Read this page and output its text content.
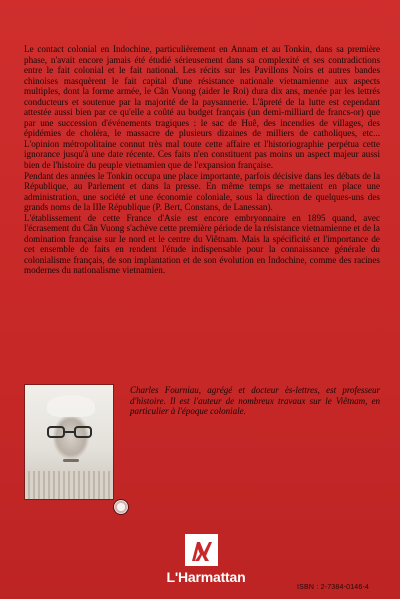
Le contact colonial en Indochine, particulièrement en Annam et au Tonkin, dans sa première phase, n'avait encore jamais été étudié sérieusement dans sa complexité et ses contradictions entre le fait colonial et le fait national. Les récits sur les Pavillons Noirs et autres bandes chinoises masquèrent le fait capital d'une résistance nationale vietnamienne aux aspects multiples, dont la forme armée, le Cân Vuong (aider le Roi) dura dix ans, menée par les lettrés conducteurs et soutenue par la majorité de la paysannerie. L'âpreté de la lutte est cependant attestée aussi bien par ce qu'elle a coûté au budget français (un demi-milliard de francs-or) que par une succession d'événements tragiques : le sac de Huê, des incendies de villages, des épidémies de choléra, le massacre de plusieurs dizaines de milliers de catholiques, etc... L'opinion métropolitaine connut très mal toute cette affaire et l'historiographie perpétua cette ignorance jusqu'à une date récente. Ces faits n'en constituent pas moins un aspect majeur aussi bien de l'histoire du peuple vietnamien que de l'expansion française.

Pendant des années le Tonkin occupa une place importante, parfois décisive dans les débats de la République, au Parlement et dans la presse. En même temps se mettaient en place une administration, une société et une économie coloniale, sous la direction de quelques-uns des grands noms de la IIIe République (P. Bert, Constans, de Lanessan).

L'établissement de cette France d'Asie est encore embryonnaire en 1895 quand, avec l'écrasement du Cân Vuong s'achève cette première période de la résistance vietnamienne et de la domination française sur le nord et le centre du Viêtnam. Mais la spécificité et l'importance de cet ensemble de faits en rendent l'étude indispensable pour la connaissance générale du colonialisme français, de son implantation et de son évolution en Indochine, comme des racines modernes du nationalisme vietnamien.

Charles Fourniau, agrégé et docteur ès-lettres, est professeur d'histoire. Il est l'auteur de nombreux travaux sur le Viêtnam, en particulier à l'époque coloniale.
L'Harmattan
ISBN : 2-7384-0146-4
